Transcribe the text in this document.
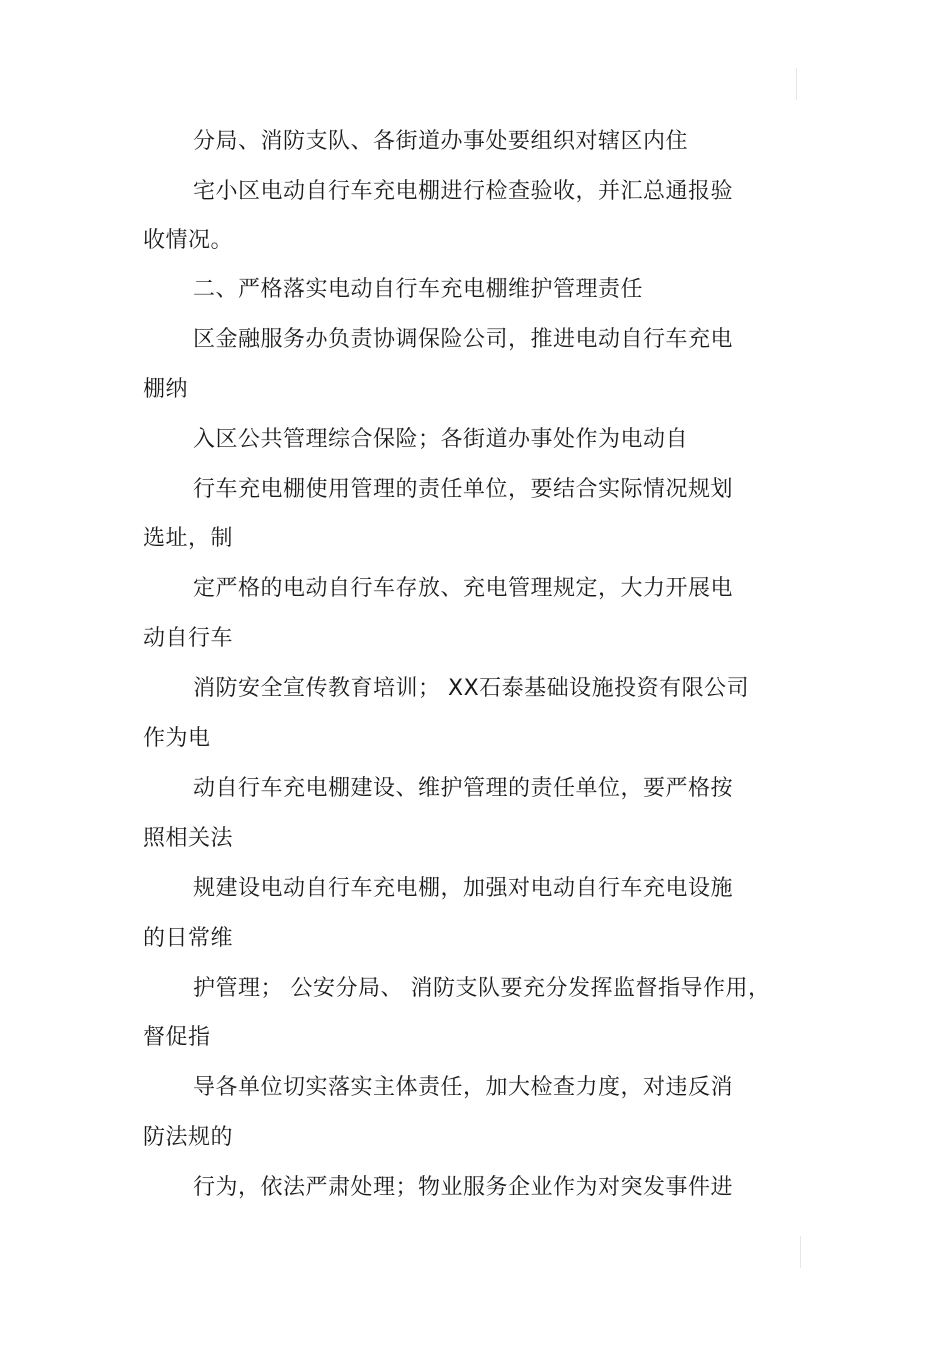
分局、消防支队、各街道办事处要组织对辖区内住
宅小区电动自行车充电棚进行检查验收，并汇总通报验
收情况。
二、严格落实电动自行车充电棚维护管理责任
区金融服务办负责协调保险公司，推进电动自行车充电
棚纳
入区公共管理综合保险；各街道办事处作为电动自
行车充电棚使用管理的责任单位，要结合实际情况规划
选址，制
定严格的电动自行车存放、充电管理规定，大力开展电
动自行车
消防安全宣传教育培训； XX石泰基础设施投资有限公司
作为电
动自行车充电棚建设、维护管理的责任单位，要严格按
照相关法
规建设电动自行车充电棚，加强对电动自行车充电设施
的日常维
护管理； 公安分局、 消防支队要充分发挥监督指导作用，
督促指
导各单位切实落实主体责任，加大检查力度，对违反消
防法规的
行为，依法严肃处理；物业服务企业作为对突发事件进
